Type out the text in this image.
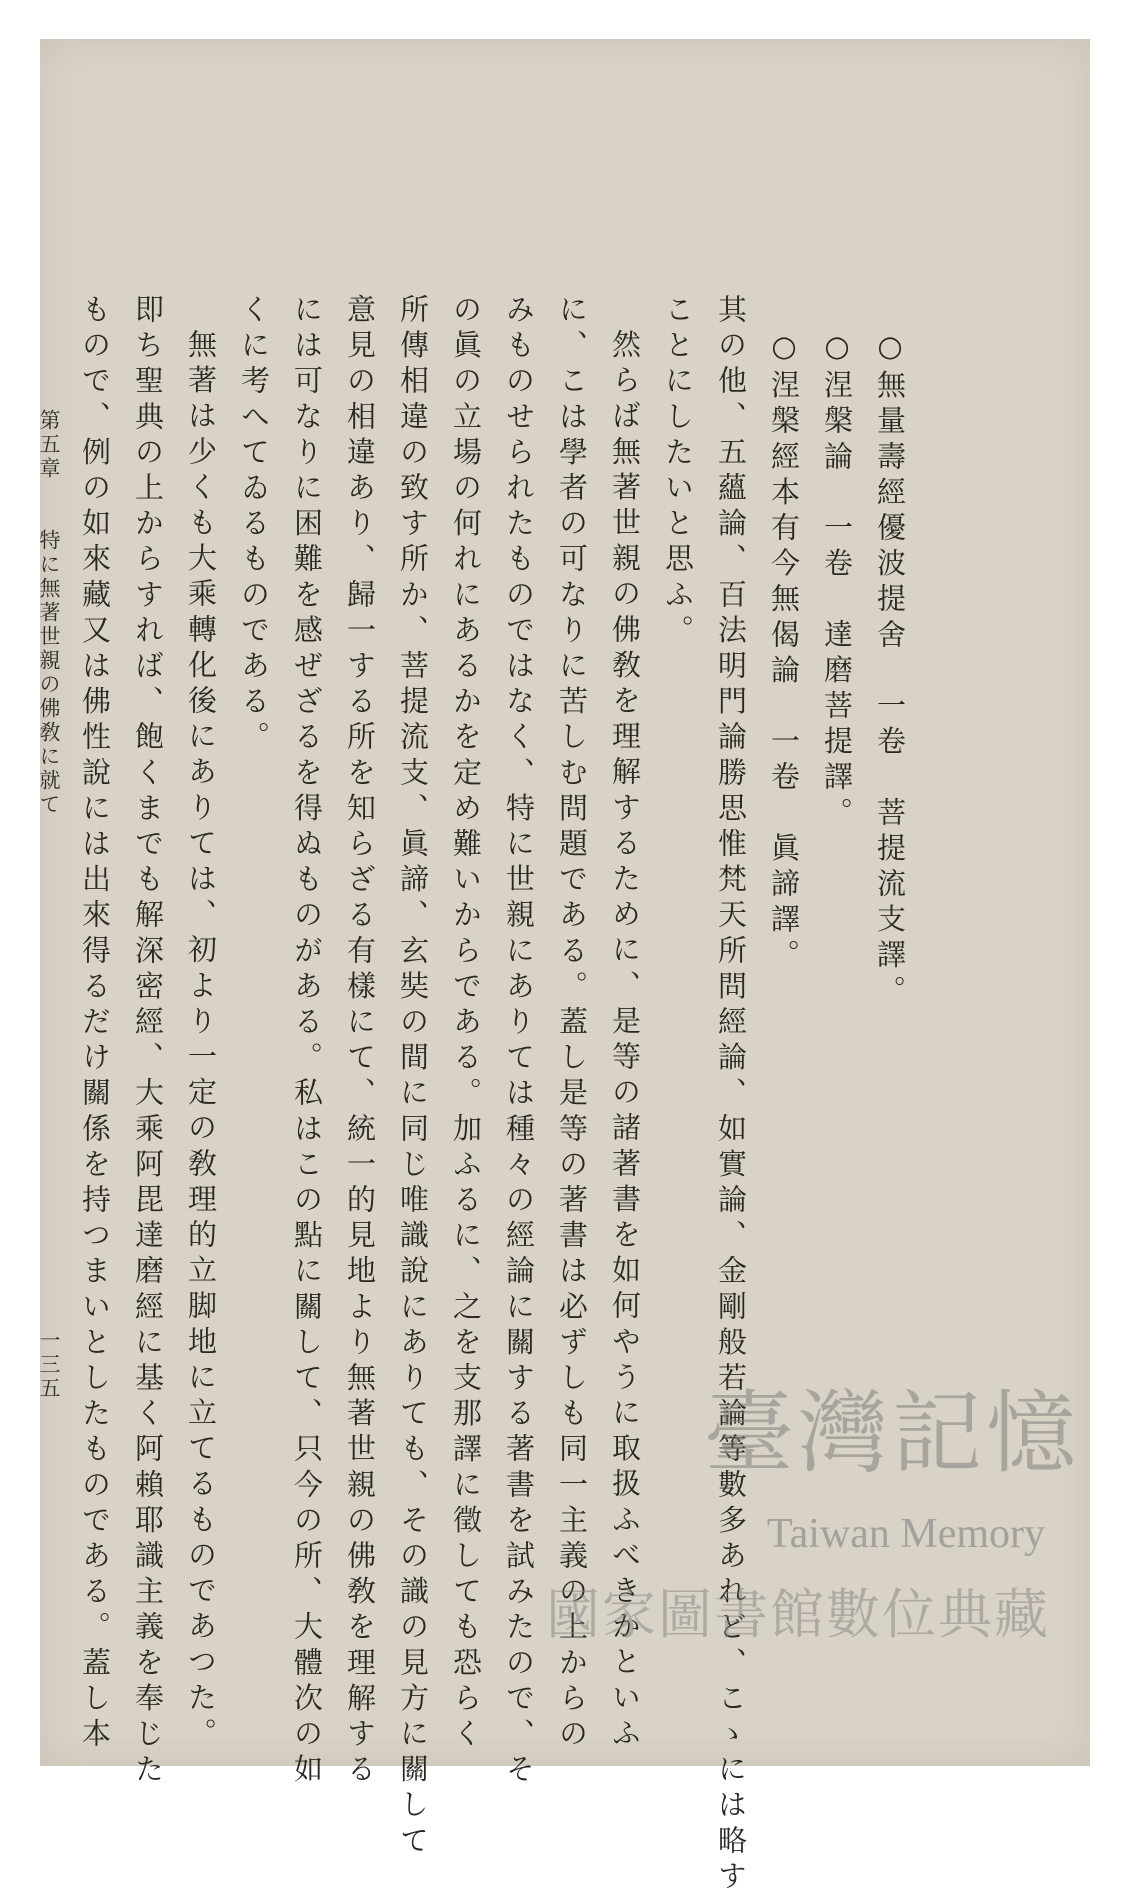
○無量壽經優波提舍　一卷　菩提流支譯。
○涅槃論　一卷　達磨菩提譯。
○涅槃經本有今無偈論　一卷　眞諦譯。
其の他、五蘊論、百法明門論勝思惟梵天所問經論、如實論、金剛般若論等數多あれど、こゝには略す
ことにしたいと思ふ。
然らば無著世親の佛敎を理解するために、是等の諸著書を如何やうに取扱ふべきかといふ
に、こは學者の可なりに苦しむ問題である。蓋し是等の著書は必ずしも同一主義の上からの
みものせられたものではなく、特に世親にありては種々の經論に關する著書を試みたので、そ
の眞の立場の何れにあるかを定め難いからである。加ふるに、之を支那譯に徵しても恐らく
所傳相違の致す所か、菩提流支、眞諦、玄奘の間に同じ唯識說にありても、その識の見方に關して
意見の相違あり、歸一する所を知らざる有樣にて、統一的見地より無著世親の佛敎を理解する
には可なりに困難を感ぜざるを得ぬものがある。私はこの點に關して、只今の所、大體次の如
くに考へてゐるものである。
無著は少くも大乘轉化後にありては、初より一定の敎理的立脚地に立てるものであつた。
即ち聖典の上からすれば、飽くまでも解深密經、大乘阿毘達磨經に基く阿賴耶識主義を奉じた
もので、例の如來藏又は佛性說には出來得るだけ關係を持つまいとしたものである。蓋し本
第五章　　特に無著世親の佛敎に就て
一三五
臺灣記憶
Taiwan Memory
國家圖書館數位典藏
